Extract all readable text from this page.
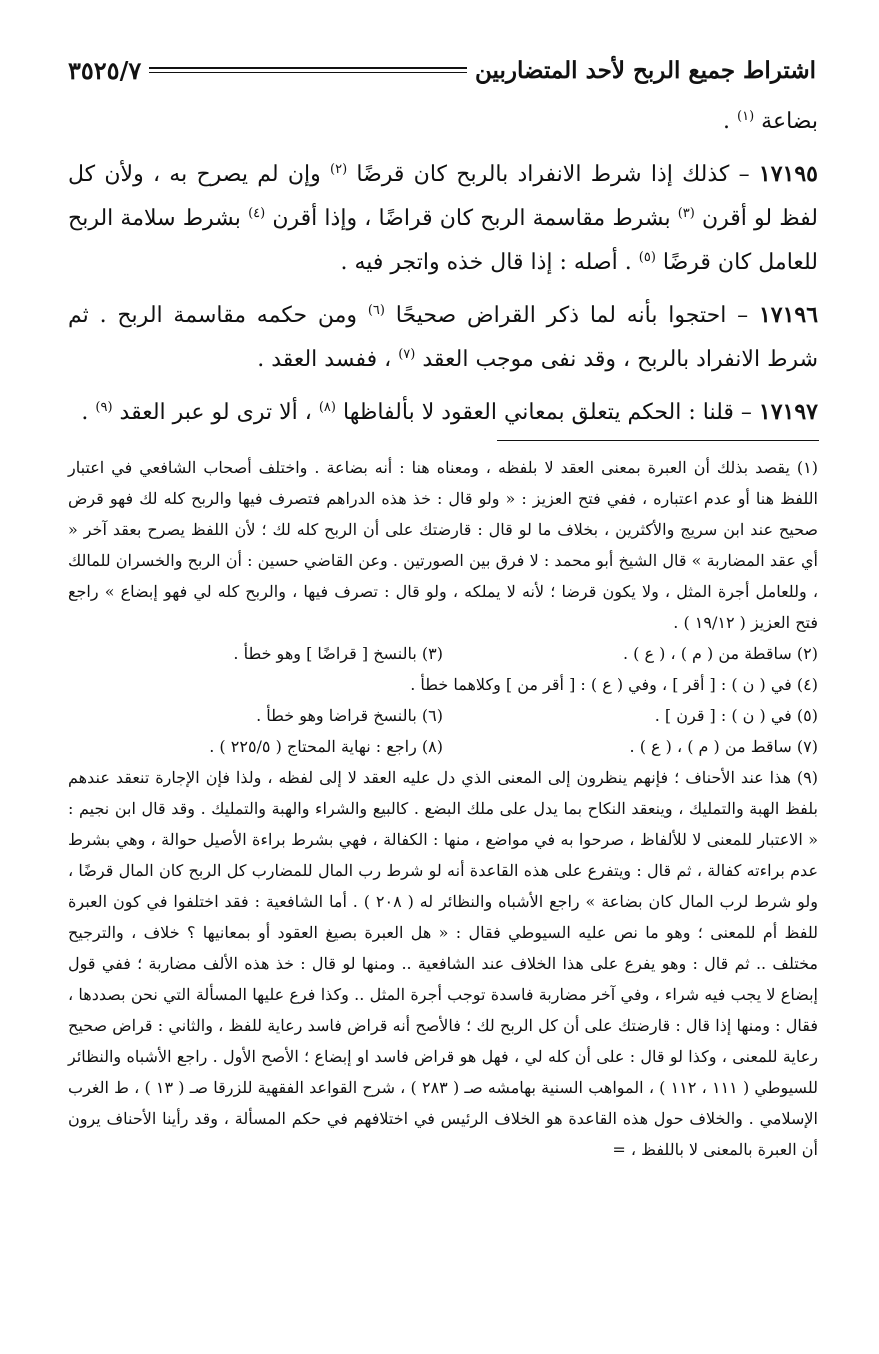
اشتراط جميع الربح لأحد المتضاربين
٣٥٢٥/٧

بضاعة $^{(١)}$ .

١٧١٩٥ – كذلك إذا شرط الانفراد بالربح كان قرضًا $^{(٢)}$ وإن لم يصرح به ، ولأن كل لفظ لو أقرن $^{(٣)}$ بشرط مقاسمة الربح كان قراضًا ، وإذا أقرن $^{(٤)}$ بشرط سلامة الربح للعامل كان قرضًا $^{(٥)}$ . أصله : إذا قال خذه واتجر فيه .

١٧١٩٦ – احتجوا بأنه لما ذكر القراض صحيحًا $^{(٦)}$ ومن حكمه مقاسمة الربح . ثم شرط الانفراد بالربح ، وقد نفى موجب العقد $^{(٧)}$ ، ففسد العقد .

١٧١٩٧ – قلنا : الحكم يتعلق بمعاني العقود لا بألفاظها $^{(٨)}$ ، ألا ترى لو عبر العقد $^{(٩)}$ .

(١) يقصد بذلك أن العبرة بمعنى العقد لا بلفظه ، ومعناه هنا : أنه بضاعة . واختلف أصحاب الشافعي في اعتبار اللفظ هنا أو عدم اعتباره ، ففي فتح العزيز : « ولو قال : خذ هذه الدراهم فتصرف فيها والربح كله لك فهو قرض صحيح عند ابن سريج والأكثرين ، بخلاف ما لو قال : قارضتك على أن الربح كله لك ؛ لأن اللفظ يصرح بعقد آخر « أي عقد المضاربة » قال الشيخ أبو محمد : لا فرق بين الصورتين . وعن القاضي حسين : أن الربح والخسران للمالك ، وللعامل أجرة المثل ، ولا يكون قرضا ؛ لأنه لا يملكه ، ولو قال : تصرف فيها ، والربح كله لي فهو إبضاع » راجع فتح العزيز ( ١٩/١٢ ) .

(٢) ساقطة من ( م ) ، ( ع ) .
(٣) بالنسخ [ قراضًا ] وهو خطأ .

(٤) في ( ن ) : [ أقر ] ، وفي ( ع ) : [ أقر من ] وكلاهما خطأ .

(٥) في ( ن ) : [ قرن ] .
(٦) بالنسخ قراضا وهو خطأ .
(٧) ساقط من ( م ) ، ( ع ) .
(٨) راجع : نهاية المحتاج ( ٢٢٥/٥ ) .

(٩) هذا عند الأحناف ؛ فإنهم ينظرون إلى المعنى الذي دل عليه العقد لا إلى لفظه ، ولذا فإن الإجارة تنعقد عندهم بلفظ الهبة والتمليك ، وينعقد النكاح بما يدل على ملك البضع . كالبيع والشراء والهبة والتمليك . وقد قال ابن نجيم : « الاعتبار للمعنى لا للألفاظ ، صرحوا به في مواضع ، منها : الكفالة ، فهي بشرط براءة الأصيل حوالة ، وهي بشرط عدم براءته كفالة ، ثم قال : ويتفرع على هذه القاعدة أنه لو شرط رب المال للمضارب كل الربح كان المال قرضًا ، ولو شرط لرب المال كان بضاعة » راجع الأشباه والنظائر له ( ٢٠٨ ) . أما الشافعية : فقد اختلفوا في كون العبرة للفظ أم للمعنى ؛ وهو ما نص عليه السيوطي فقال : « هل العبرة بصيغ العقود أو بمعانيها ؟ خلاف ، والترجيح مختلف .. ثم قال : وهو يفرع على هذا الخلاف عند الشافعية .. ومنها لو قال : خذ هذه الألف مضاربة ؛ ففي قول إبضاع لا يجب فيه شراء ، وفي آخر مضاربة فاسدة توجب أجرة المثل .. وكذا فرع عليها المسألة التي نحن بصددها ، فقال : ومنها إذا قال : قارضتك على أن كل الربح لك ؛ فالأصح أنه قراض فاسد رعاية للفظ ، والثاني : قراض صحيح رعاية للمعنى ، وكذا لو قال : على أن كله لي ، فهل هو قراض فاسد او إبضاع ؛ الأصح الأول . راجع الأشباه والنظائر للسيوطي ( ١١١ ، ١١٢ ) ، المواهب السنية بهامشه صـ ( ٢٨٣ ) ، شرح القواعد الفقهية للزرقا صـ ( ١٣ ) ، ط الغرب الإسلامي . والخلاف حول هذه القاعدة هو الخلاف الرئيس في اختلافهم في حكم المسألة ، وقد رأينا الأحناف يرون أن العبرة بالمعنى لا باللفظ ، =
